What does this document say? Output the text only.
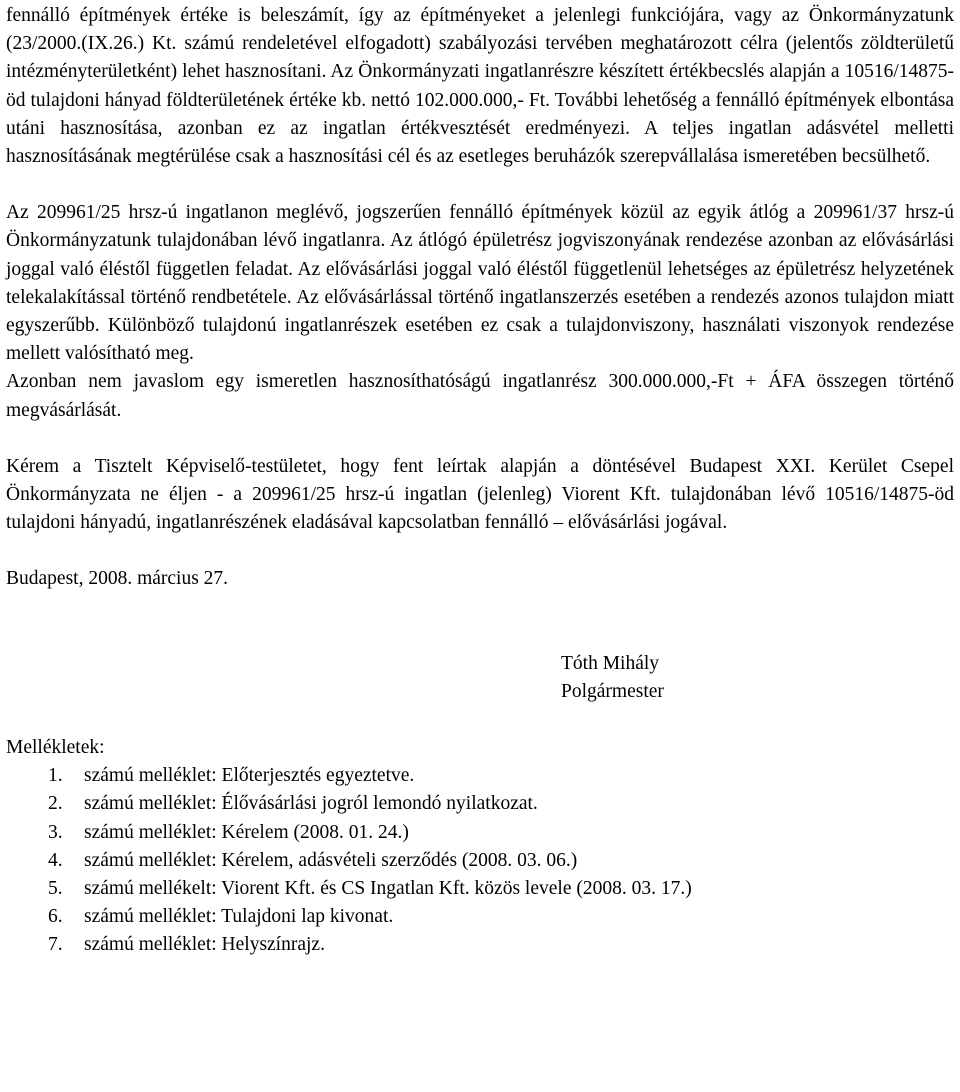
fennálló építmények értéke is beleszámít, így az építményeket a jelenlegi funkciójára, vagy az Önkormányzatunk (23/2000.(IX.26.) Kt. számú rendeletével elfogadott) szabályozási tervében meghatározott célra (jelentős zöldterületű intézményterületként) lehet hasznosítani. Az Önkormányzati ingatlanrészre készített értékbecslés alapján a 10516/14875-öd tulajdoni hányad földterületének értéke kb. nettó 102.000.000,- Ft. További lehetőség a fennálló építmények elbontása utáni hasznosítása, azonban ez az ingatlan értékvesztését eredményezi. A teljes ingatlan adásvétel melletti hasznosításának megtérülése csak a hasznosítási cél és az esetleges beruházók szerepvállalása ismeretében becsülhető.

Az 209961/25 hrsz-ú ingatlanon meglévő, jogszerűen fennálló építmények közül az egyik átlóg a 209961/37 hrsz-ú Önkormányzatunk tulajdonában lévő ingatlanra. Az átlógó épületrész jogviszonyának rendezése azonban az elővásárlási joggal való éléstől független feladat. Az elővásárlási joggal való éléstől függetlenül lehetséges az épületrész helyzetének telekalakítással történő rendbetétele. Az elővásárlással történő ingatlanszerzés esetében a rendezés azonos tulajdon miatt egyszerűbb. Különböző tulajdonú ingatlanrészek esetében ez csak a tulajdonviszony, használati viszonyok rendezése mellett valósítható meg.

Azonban nem javaslom egy ismeretlen hasznosíthatóságú ingatlanrész 300.000.000,-Ft + ÁFA összegen történő megvásárlását.

Kérem a Tisztelt Képviselő-testületet, hogy fent leírtak alapján a döntésével Budapest XXI. Kerület Csepel Önkormányzata ne éljen - a 209961/25 hrsz-ú ingatlan (jelenleg) Viorent Kft. tulajdonában lévő 10516/14875-öd tulajdoni hányadú, ingatlanrészének eladásával kapcsolatban fennálló – elővásárlási jogával.

Budapest, 2008. március 27.

Tóth Mihály
Polgármester

Mellékletek:

1.	számú melléklet: Előterjesztés egyeztetve.
2.	számú melléklet: Élővásárlási jogról lemondó nyilatkozat.
3.	számú melléklet: Kérelem (2008. 01. 24.)
4.	számú melléklet: Kérelem, adásvételi szerződés (2008. 03. 06.)
5.	számú mellékelt: Viorent Kft. és CS Ingatlan Kft. közös levele (2008. 03. 17.)
6.	számú melléklet: Tulajdoni lap kivonat.
7.	számú melléklet: Helyszínrajz.
